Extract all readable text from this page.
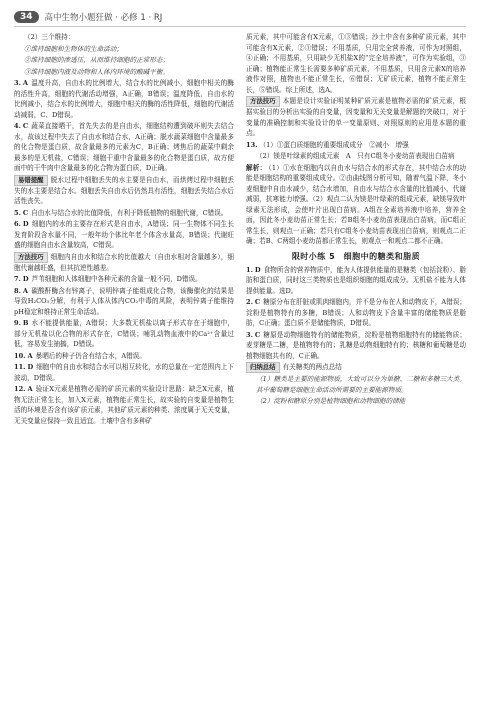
34	高中生物小题狂做 · 必修 1 · RJ
（2）三个维持：
①维持细胞和生物体的生命活动；
②维持细胞的渗透压，从而维持细胞的正常形态；
③维持细胞内液及动物和人体内环境的酸碱平衡。
3. A 温度升高，自由水的比例增大，结合水的比例减小，细胞中相关的酶的活性升高，细胞的代谢活动增强，A正确，B错误；温度降低，自由水的比例减小，结合水的比例增大，细胞中相关的酶的活性降低，细胞的代谢活动减弱，C、D错误。
4. C 蔬菜直接晒干，首先失去的是自由水，细胞结构遭到破坏则失去结合水，故该过程中失去了自由水和结合水，A正确；脱水蔬菜细胞中含量最多的化合物是蛋白质，故含量最多的元素为C，B正确；烤焦后的蔬菜中剩余最多的是无机盐，C错误；细胞干重中含量最多的化合物是蛋白质，故方便面中的干牛肉中含量最多的化合物为蛋白质，D正确。
易错提醒 脱水过程中细胞丢失的水主要是自由水，而烘烤过程中细胞丢失的水主要是结合水。细胞丢失自由水后仍然具有活性，细胞丢失结合水后活性丧失。
5. C 自由水与结合水的比值降低，有利于降低植物的细胞代谢，C错误。
6. D 细胞内的水的主要存在形式是自由水，A错误；同一生物体不同生长发育阶段含水量不同，一般年幼个体比年老个体含水量高，B错误；代谢旺盛的细胞自由水含量较高，C错误。
方法技巧 细胞内自由水和结合水的比值越大（自由水相对含量越多），细胞代谢越旺盛，但其抗逆性越差。
7. D 芦苇细胞和人体细胞中各种元素的含量一般不同，D错误。
8. A 碳酸酐酶含有锌离子，说明锌离子能组成化合物，该酶催化的结果是导致H₂CO₃分解，有利于人体从体内CO₂中毒的风险，表明锌离子能维持pH稳定和维持正常生命活动。
9. B 水不能提供能量，A错误；大多数无机盐以离子形式存在于细胞中，部分无机盐以化合物的形式存在，C错误；哺乳动物血液中的Ca²⁺含量过低，容易发生抽搐，D错误。
10. A 暴晒后的种子仍含有结合水，A错误。
11. D 细胞中的自由水和结合水可以相互转化，水的总量在一定范围内上下波动，D错误。
12. A 验证X元素是植物必需的矿质元素的实验设计思路：缺乏X元素，植物无法正常生长，加入X元素，植物能正常生长，故实验的自变量是植物生活的环境是否含有该矿质元素，其他矿质元素的种类、浓度属于无关变量，无关变量应保持一致且适宜。土壤中含有多种矿
质元素，其中可能含有X元素，①③错误；沙土中含有多种矿质元素，其中可能含有X元素，②③错误；不用基质，只用完全营养液，可作为对照组，④正确；不用基质，只用缺少无机盐X的“完全培养液”，可作为实验组，③正确；植物能正常生长需要多种矿质元素，不用基质，只用含元素X的培养液作对照，植物也不能正常生长，⑥错误；无矿质元素，植物不能正常生长，⑤错误。综上所述，选A。
方法技巧 本题是设计实验证明某种矿质元素是植物必需的矿质元素，根据实验目的分析出实验的自变量，因变量和无关变量是解题的突破口，对于变量的准确控制和实验设计的单一变量原则、对照原则的应用是本题的重点。
13. （1）①蛋白质细胞的重要组成成分　②减小　增强
（2）镁是叶绿素的组成元素　A　只有C组冬小麦幼苗表现出白苗病
解析： （1）①水在细胞内以自由水与结合水的形式存在，其中结合水的功能是细胞结构的重要组成成分。②由曲线图分析可知，随着气温下降，冬小麦细胞中自由水减少，结合水增加，自由水与结合水含量的比值减小，代谢减弱，抗寒能力增强。（2）观点二认为镁是叶绿素的组成元素，缺镁导致叶绿素无法形成，会使叶片出现白苗病。A组在全素培养液中培养，营养全面，因此冬小麦幼苗正常生长；若B组冬小麦幼苗表现出白苗病，而C组正常生长，则观点一正确；若只有C组冬小麦幼苗表现出白苗病，则观点二正确；若B、C两组小麦幼苗都正常生长，则观点一和观点二都不正确。
限时小练 5　细胞中的糖类和脂质
1. D 食物所含的营养物质中，能为人体提供能量的是糖类（包括淀粉）、脂肪和蛋白质，同时这三类物质也是组织细胞的组成成分。无机盐不能为人体提供能量。选D。
2. C 糖原分布在肝脏或肌肉细胞内，并不是分布在人和动物皮下，A错误；淀粉是植物特有的多糖，B错误；人和动物皮下含量丰富的储能物质是脂肪，C正确；蛋白质不是储能物质，D错误。
3. C 糖原是动物细胞特有的储能物质，淀粉是植物细胞特有的储能物质；麦芽糖是二糖，是植物特有的；乳糖是动物细胞特有的；核糖和葡萄糖是动植物细胞共有的，C正确。
归纳总结 有关糖类的两点总结
（1）糖类是主要的能源物质，大致可以分为单糖、二糖和多糖三大类。其中葡萄糖是细胞生命活动所需要的主要能源物质。
（2）淀粉和糖原分别是植物细胞和动物细胞的储能
